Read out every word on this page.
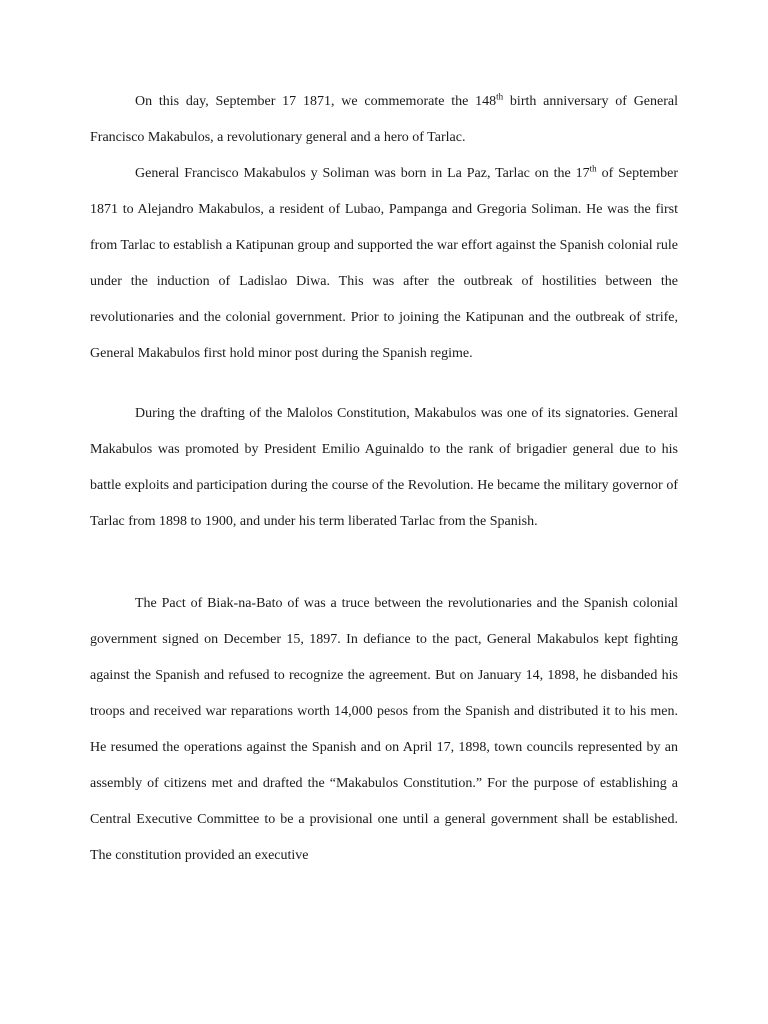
On this day, September 17 1871, we commemorate the 148th birth anniversary of General Francisco Makabulos, a revolutionary general and a hero of Tarlac.

General Francisco Makabulos y Soliman was born in La Paz, Tarlac on the 17th of September 1871 to Alejandro Makabulos, a resident of Lubao, Pampanga and Gregoria Soliman. He was the first from Tarlac to establish a Katipunan group and supported the war effort against the Spanish colonial rule under the induction of Ladislao Diwa. This was after the outbreak of hostilities between the revolutionaries and the colonial government. Prior to joining the Katipunan and the outbreak of strife, General Makabulos first hold minor post during the Spanish regime.

During the drafting of the Malolos Constitution, Makabulos was one of its signatories. General Makabulos was promoted by President Emilio Aguinaldo to the rank of brigadier general due to his battle exploits and participation during the course of the Revolution. He became the military governor of Tarlac from 1898 to 1900, and under his term liberated Tarlac from the Spanish.

The Pact of Biak-na-Bato of was a truce between the revolutionaries and the Spanish colonial government signed on December 15, 1897. In defiance to the pact, General Makabulos kept fighting against the Spanish and refused to recognize the agreement. But on January 14, 1898, he disbanded his troops and received war reparations worth 14,000 pesos from the Spanish and distributed it to his men. He resumed the operations against the Spanish and on April 17, 1898, town councils represented by an assembly of citizens met and drafted the “Makabulos Constitution.” For the purpose of establishing a Central Executive Committee to be a provisional one until a general government shall be established. The constitution provided an executive
